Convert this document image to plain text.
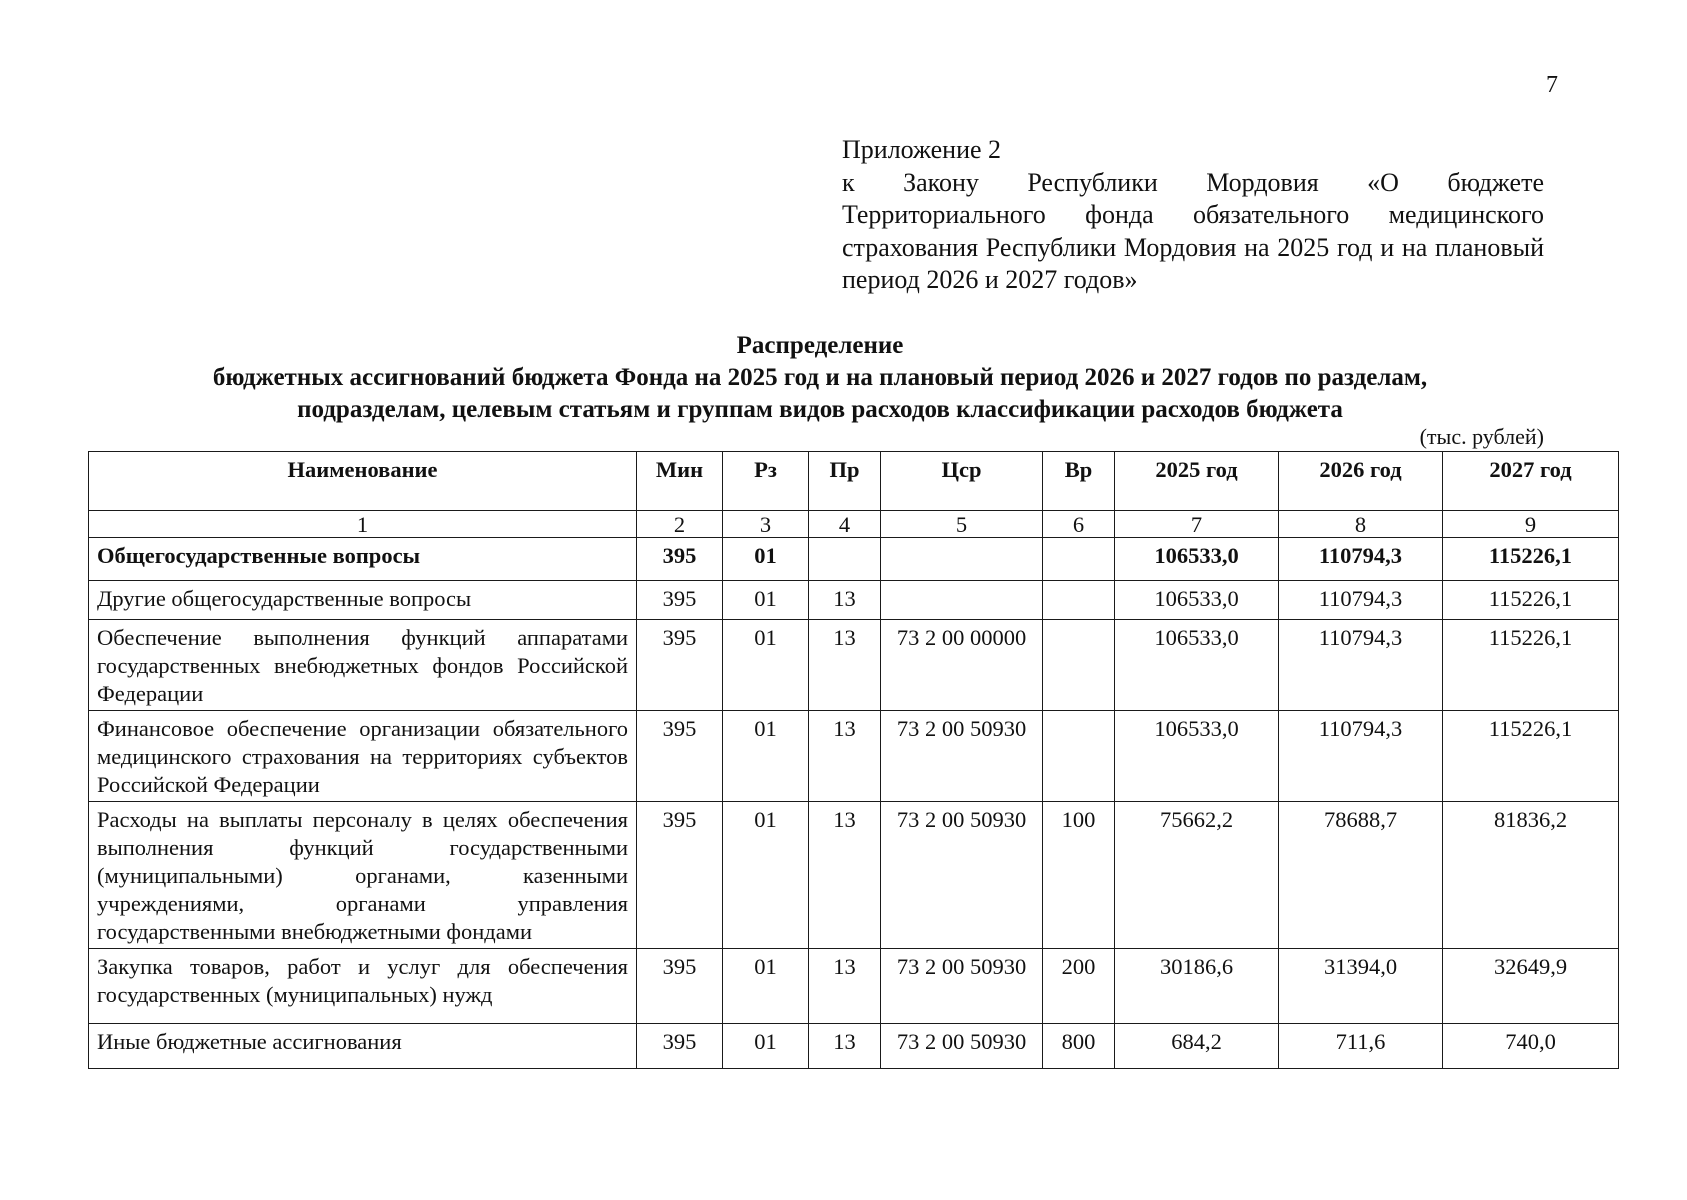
7
Приложение 2
к Закону Республики Мордовия «О бюджете Территориального фонда обязательного медицинского страхования Республики Мордовия на 2025 год и на плановый период 2026 и 2027 годов»
Распределение
бюджетных ассигнований бюджета Фонда на 2025 год и на плановый период 2026 и 2027 годов по разделам,
подразделам, целевым статьям и группам видов расходов классификации расходов бюджета
(тыс. рублей)
Наименование	Мин	Рз	Пр	Цср	Вр	2025 год	2026 год	2027 год
1	2	3	4	5	6	7	8	9
Общегосударственные вопросы	395	01				106533,0	110794,3	115226,1
Другие общегосударственные вопросы	395	01	13			106533,0	110794,3	115226,1
Обеспечение выполнения функций аппаратами государственных внебюджетных фондов Российской Федерации	395	01	13	73 2 00 00000		106533,0	110794,3	115226,1
Финансовое обеспечение организации обязательного медицинского страхования на территориях субъектов Российской Федерации	395	01	13	73 2 00 50930		106533,0	110794,3	115226,1
Расходы на выплаты персоналу в целях обеспечения выполнения функций государственными (муниципальными) органами, казенными учреждениями, органами управления государственными внебюджетными фондами	395	01	13	73 2 00 50930	100	75662,2	78688,7	81836,2
Закупка товаров, работ и услуг для обеспечения государственных (муниципальных) нужд	395	01	13	73 2 00 50930	200	30186,6	31394,0	32649,9
Иные бюджетные ассигнования	395	01	13	73 2 00 50930	800	684,2	711,6	740,0
